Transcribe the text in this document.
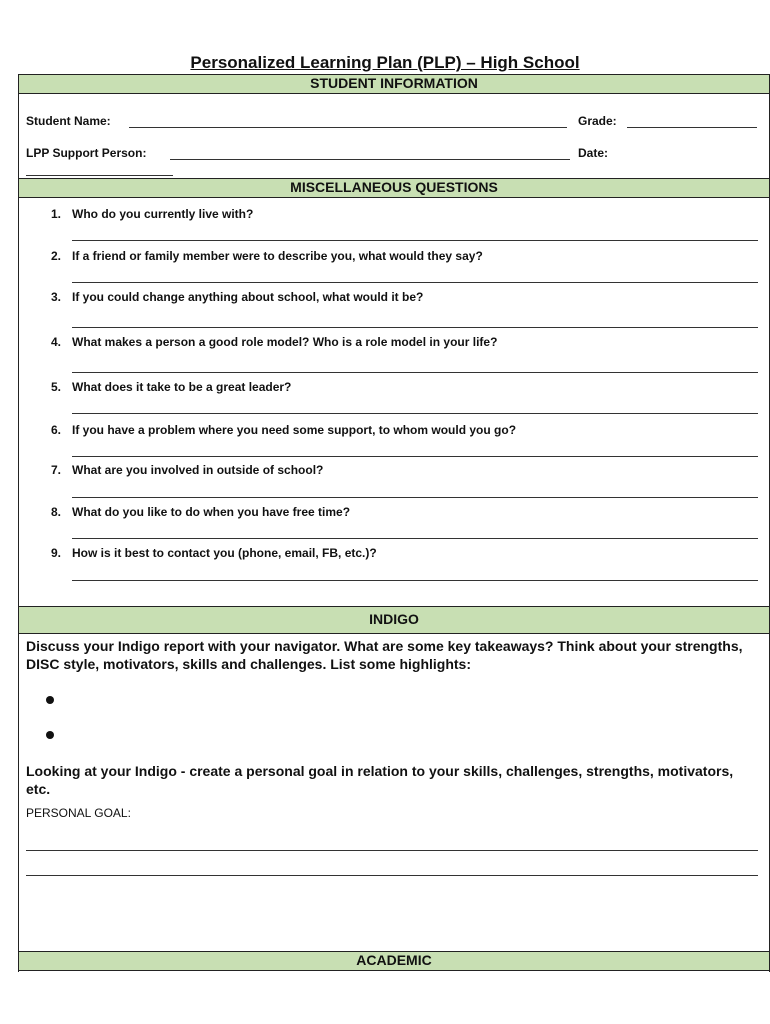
Personalized Learning Plan (PLP) – High School
STUDENT INFORMATION
Student Name:	Grade:
LPP Support Person:	Date:
MISCELLANEOUS QUESTIONS
1. Who do you currently live with?
2. If a friend or family member were to describe you, what would they say?
3. If you could change anything about school, what would it be?
4. What makes a person a good role model? Who is a role model in your life?
5. What does it take to be a great leader?
6. If you have a problem where you need some support, to whom would you go?
7. What are you involved in outside of school?
8. What do you like to do when you have free time?
9. How is it best to contact you (phone, email, FB, etc.)?
INDIGO
Discuss your Indigo report with your navigator. What are some key takeaways? Think about your strengths, DISC style, motivators, skills and challenges. List some highlights:
Looking at your Indigo - create a personal goal in relation to your skills, challenges, strengths, motivators, etc.
PERSONAL GOAL:
ACADEMIC
